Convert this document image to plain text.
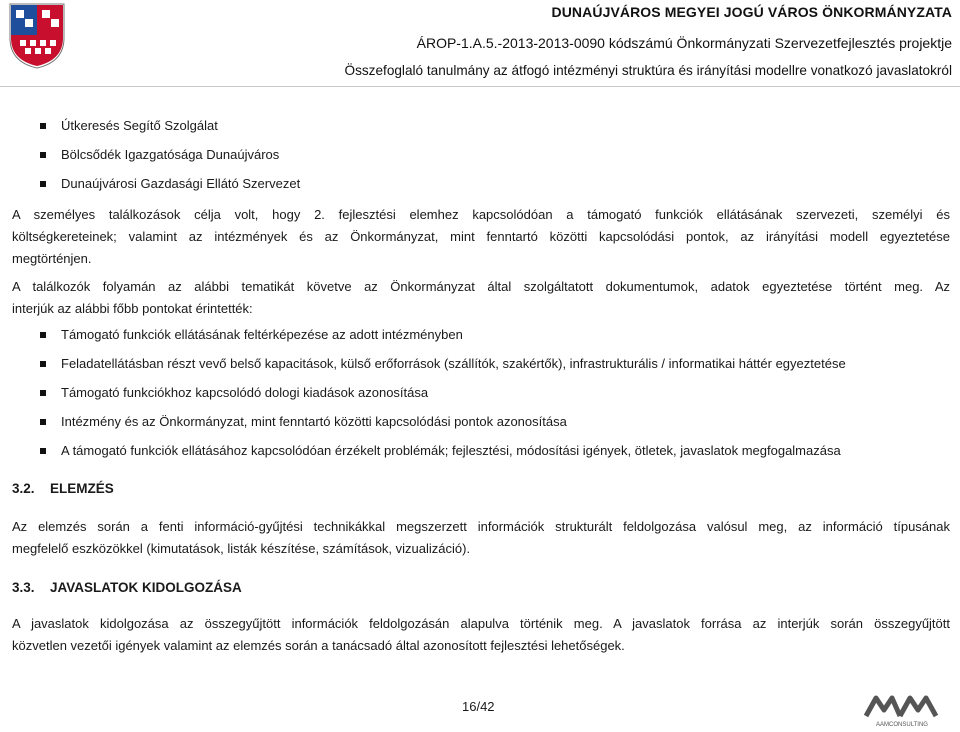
DUNAÚJVÁROS MEGYEI JOGÚ VÁROS ÖNKORMÁNYZATA
ÁROP-1.A.5.-2013-2013-0090 kódszámú Önkormányzati Szervezetfejlesztés projektje
Összefoglaló tanulmány az átfogó intézményi struktúra és irányítási modellre vonatkozó javaslatokról
Útkeresés Segítő Szolgálat
Bölcsődék Igazgatósága Dunaújváros
Dunaújvárosi Gazdasági Ellátó Szervezet
A személyes találkozások célja volt, hogy 2. fejlesztési elemhez kapcsolódóan a támogató funkciók ellátásának szervezeti, személyi és
költségkereteinek; valamint az intézmények és az Önkormányzat, mint fenntartó közötti kapcsolódási pontok, az irányítási modell egyeztetése
megtörténjen.
A találkozók folyamán az alábbi tematikát követve az Önkormányzat által szolgáltatott dokumentumok, adatok egyeztetése történt meg. Az
interjúk az alábbi főbb pontokat érintették:
Támogató funkciók ellátásának feltérképezése az adott intézményben
Feladatellátásban részt vevő belső kapacitások, külső erőforrások (szállítók, szakértők), infrastrukturális / informatikai háttér egyeztetése
Támogató funkciókhoz kapcsolódó dologi kiadások azonosítása
Intézmény és az Önkormányzat, mint fenntartó közötti kapcsolódási pontok azonosítása
A támogató funkciók ellátásához kapcsolódóan érzékelt problémák; fejlesztési, módosítási igények, ötletek, javaslatok megfogalmazása
3.2. ELEMZÉS
Az elemzés során a fenti információ-gyűjtési technikákkal megszerzett információk strukturált feldolgozása valósul meg, az információ típusának
megfelelő eszközökkel (kimutatások, listák készítése, számítások, vizualizáció).
3.3. JAVASLATOK KIDOLGOZÁSA
A javaslatok kidolgozása az összegyűjtött információk feldolgozásán alapulva történik meg. A javaslatok forrása az interjúk során összegyűjtött
közvetlen vezetői igények valamint az elemzés során a tanácsadó által azonosított fejlesztési lehetőségek.
16/42
AAMCONSULTING
